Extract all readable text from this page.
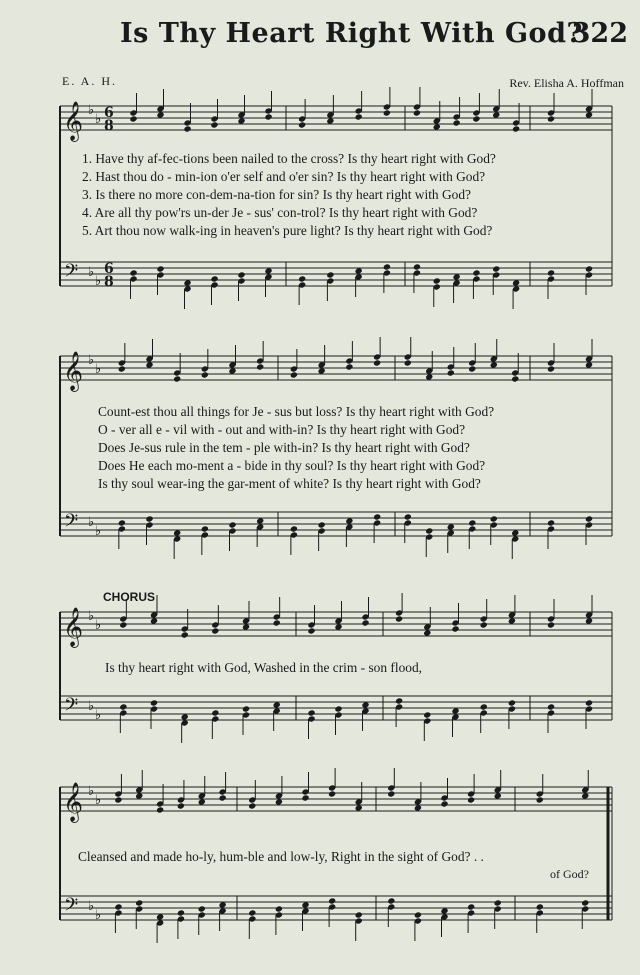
Is Thy Heart Right With God?
322
E. A. H.	Rev. Elisha A. Hoffman
1. Have thy af-fec-tions been nailed to the cross? Is thy heart right with God?
2. Hast thou do - min-ion o'er self and o'er sin? Is thy heart right with God?
3. Is there no more con-dem-na-tion for sin? Is thy heart right with God?
4. Are all thy pow'rs un-der Je - sus' con-trol? Is thy heart right with God?
5. Art thou now walk-ing in heaven's pure light? Is thy heart right with God?
Count-est thou all things for Je - sus but loss? Is thy heart right with God?
O - ver all e - vil with - out and with-in? Is thy heart right with God?
Does Je-sus rule in the tem - ple with-in? Is thy heart right with God?
Does He each mo-ment a - bide in thy soul? Is thy heart right with God?
Is thy soul wear-ing the gar-ment of white? Is thy heart right with God?
CHORUS
Is thy heart right with God, Washed in the crim - son flood,
Cleansed and made ho-ly, hum-ble and low-ly, Right in the sight of God? . .
of God?
𝄞
𝄢
♭
♭
♭
♭
6
8
6
8
𝄞
𝄢
♭
♭
♭
♭
𝄞
𝄢
♭
♭
♭
♭
𝄞
𝄢
♭
♭
♭
♭
